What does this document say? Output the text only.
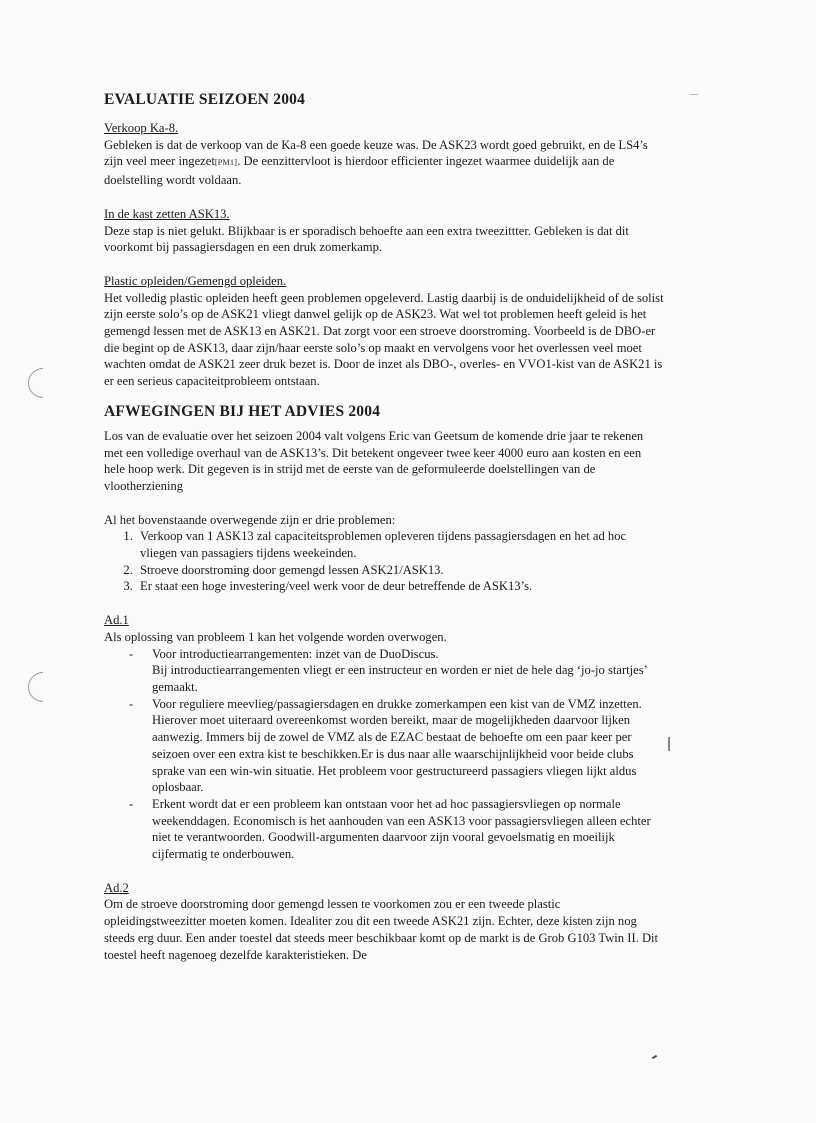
EVALUATIE SEIZOEN 2004
Verkoop Ka-8.

Gebleken is dat de verkoop van de Ka-8 een goede keuze was. De ASK23 wordt goed gebruikt, en de LS4’s zijn veel meer ingezet[PM1]. De eenzittervloot is hierdoor efficienter ingezet waarmee duidelijk aan de doelstelling wordt voldaan.

In de kast zetten ASK13.

Deze stap is niet gelukt. Blijkbaar is er sporadisch behoefte aan een extra tweezittter. Gebleken is dat dit voorkomt bij passagiersdagen en een druk zomerkamp.

Plastic opleiden/Gemengd opleiden.

Het volledig plastic opleiden heeft geen problemen opgeleverd. Lastig daarbij is de onduidelijkheid of de solist zijn eerste solo’s op de ASK21 vliegt danwel gelijk op de ASK23. Wat wel tot problemen heeft geleid is het gemengd lessen met de ASK13 en ASK21. Dat zorgt voor een stroeve doorstroming. Voorbeeld is de DBO-er die begint op de ASK13, daar zijn/haar eerste solo’s op maakt en vervolgens voor het overlessen veel moet wachten omdat de ASK21 zeer druk bezet is. Door de inzet als DBO-, overles- en VVO1-kist van de ASK21 is er een serieus capaciteitprobleem ontstaan.

AFWEGINGEN BIJ HET ADVIES 2004

Los van de evaluatie over het seizoen 2004 valt volgens Eric van Geetsum de komende drie jaar te rekenen met een volledige overhaul van de ASK13’s. Dit betekent ongeveer twee keer 4000 euro aan kosten en een hele hoop werk. Dit gegeven is in strijd met de eerste van de geformuleerde doelstellingen van de vlootherziening

Al het bovenstaande overwegende zijn er drie problemen:

1. Verkoop van 1 ASK13 zal capaciteitsproblemen opleveren tijdens passagiersdagen en het ad hoc vliegen van passagiers tijdens weekeinden.
2. Stroeve doorstroming door gemengd lessen ASK21/ASK13.
3. Er staat een hoge investering/veel werk voor de deur betreffende de ASK13’s.
Ad.1

Als oplossing van probleem 1 kan het volgende worden overwogen.

- Voor introductiearrangementen: inzet van de DuoDiscus.
Bij introductiearrangementen vliegt er een instructeur en worden er niet de hele dag ‘jo-jo startjes’ gemaakt.
- Voor reguliere meevlieg/passagiersdagen en drukke zomerkampen een kist van de VMZ inzetten.
Hierover moet uiteraard overeenkomst worden bereikt, maar de mogelijkheden daarvoor lijken aanwezig. Immers bij de zowel de VMZ als de EZAC bestaat de behoefte om een paar keer per seizoen over een extra kist te beschikken.Er is dus naar alle waarschijnlijkheid voor beide clubs sprake van een win-win situatie. Het probleem voor gestructureerd passagiers vliegen lijkt aldus oplosbaar.
- Erkent wordt dat er een probleem kan ontstaan voor het ad hoc passagiersvliegen op normale weekenddagen. Economisch is het aanhouden van een ASK13 voor passagiersvliegen alleen echter niet te verantwoorden. Goodwill-argumenten daarvoor zijn vooral gevoelsmatig en moeilijk cijfermatig te onderbouwen.
Ad.2

Om de stroeve doorstroming door gemengd lessen te voorkomen zou er een tweede plastic opleidingstweezitter moeten komen. Idealiter zou dit een tweede ASK21 zijn. Echter, deze kisten zijn nog steeds erg duur. Een ander toestel dat steeds meer beschikbaar komt op de markt is de Grob G103 Twin II. Dit toestel heeft nagenoeg dezelfde karakteristieken. De
